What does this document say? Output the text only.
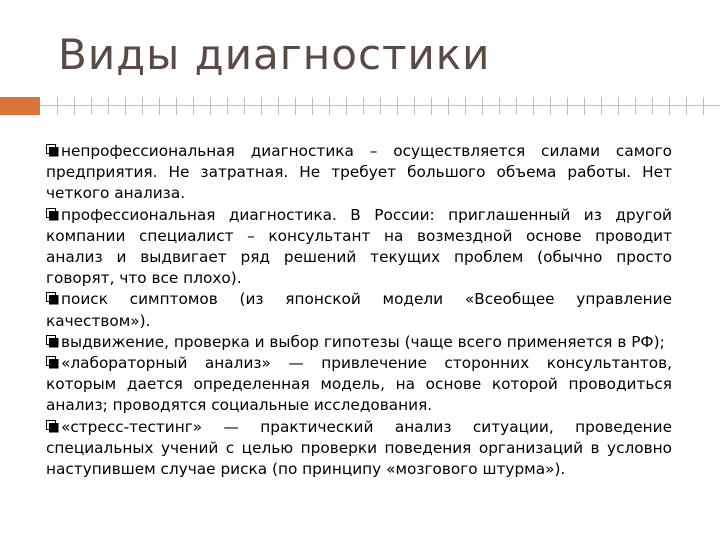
Виды диагностики

непрофессиональная диагностика – осуществляется силами самого предприятия. Не затратная. Не требует большого объема работы. Нет четкого анализа.

профессиональная диагностика. В России: приглашенный из другой компании специалист – консультант на возмездной основе проводит анализ и выдвигает ряд решений текущих проблем (обычно просто говорят, что все плохо).

поиск симптомов (из японской модели «Всеобщее управление качеством»).

выдвижение, проверка и выбор гипотезы (чаще всего применяется в РФ);

«лабораторный анализ» — привлечение сторонних консультантов, которым дается определенная модель, на основе которой проводиться анализ; проводятся социальные исследования.

«стресс-тестинг» — практический анализ ситуации, проведение специальных учений с целью проверки поведения организаций в условно наступившем случае риска (по принципу «мозгового штурма»).
